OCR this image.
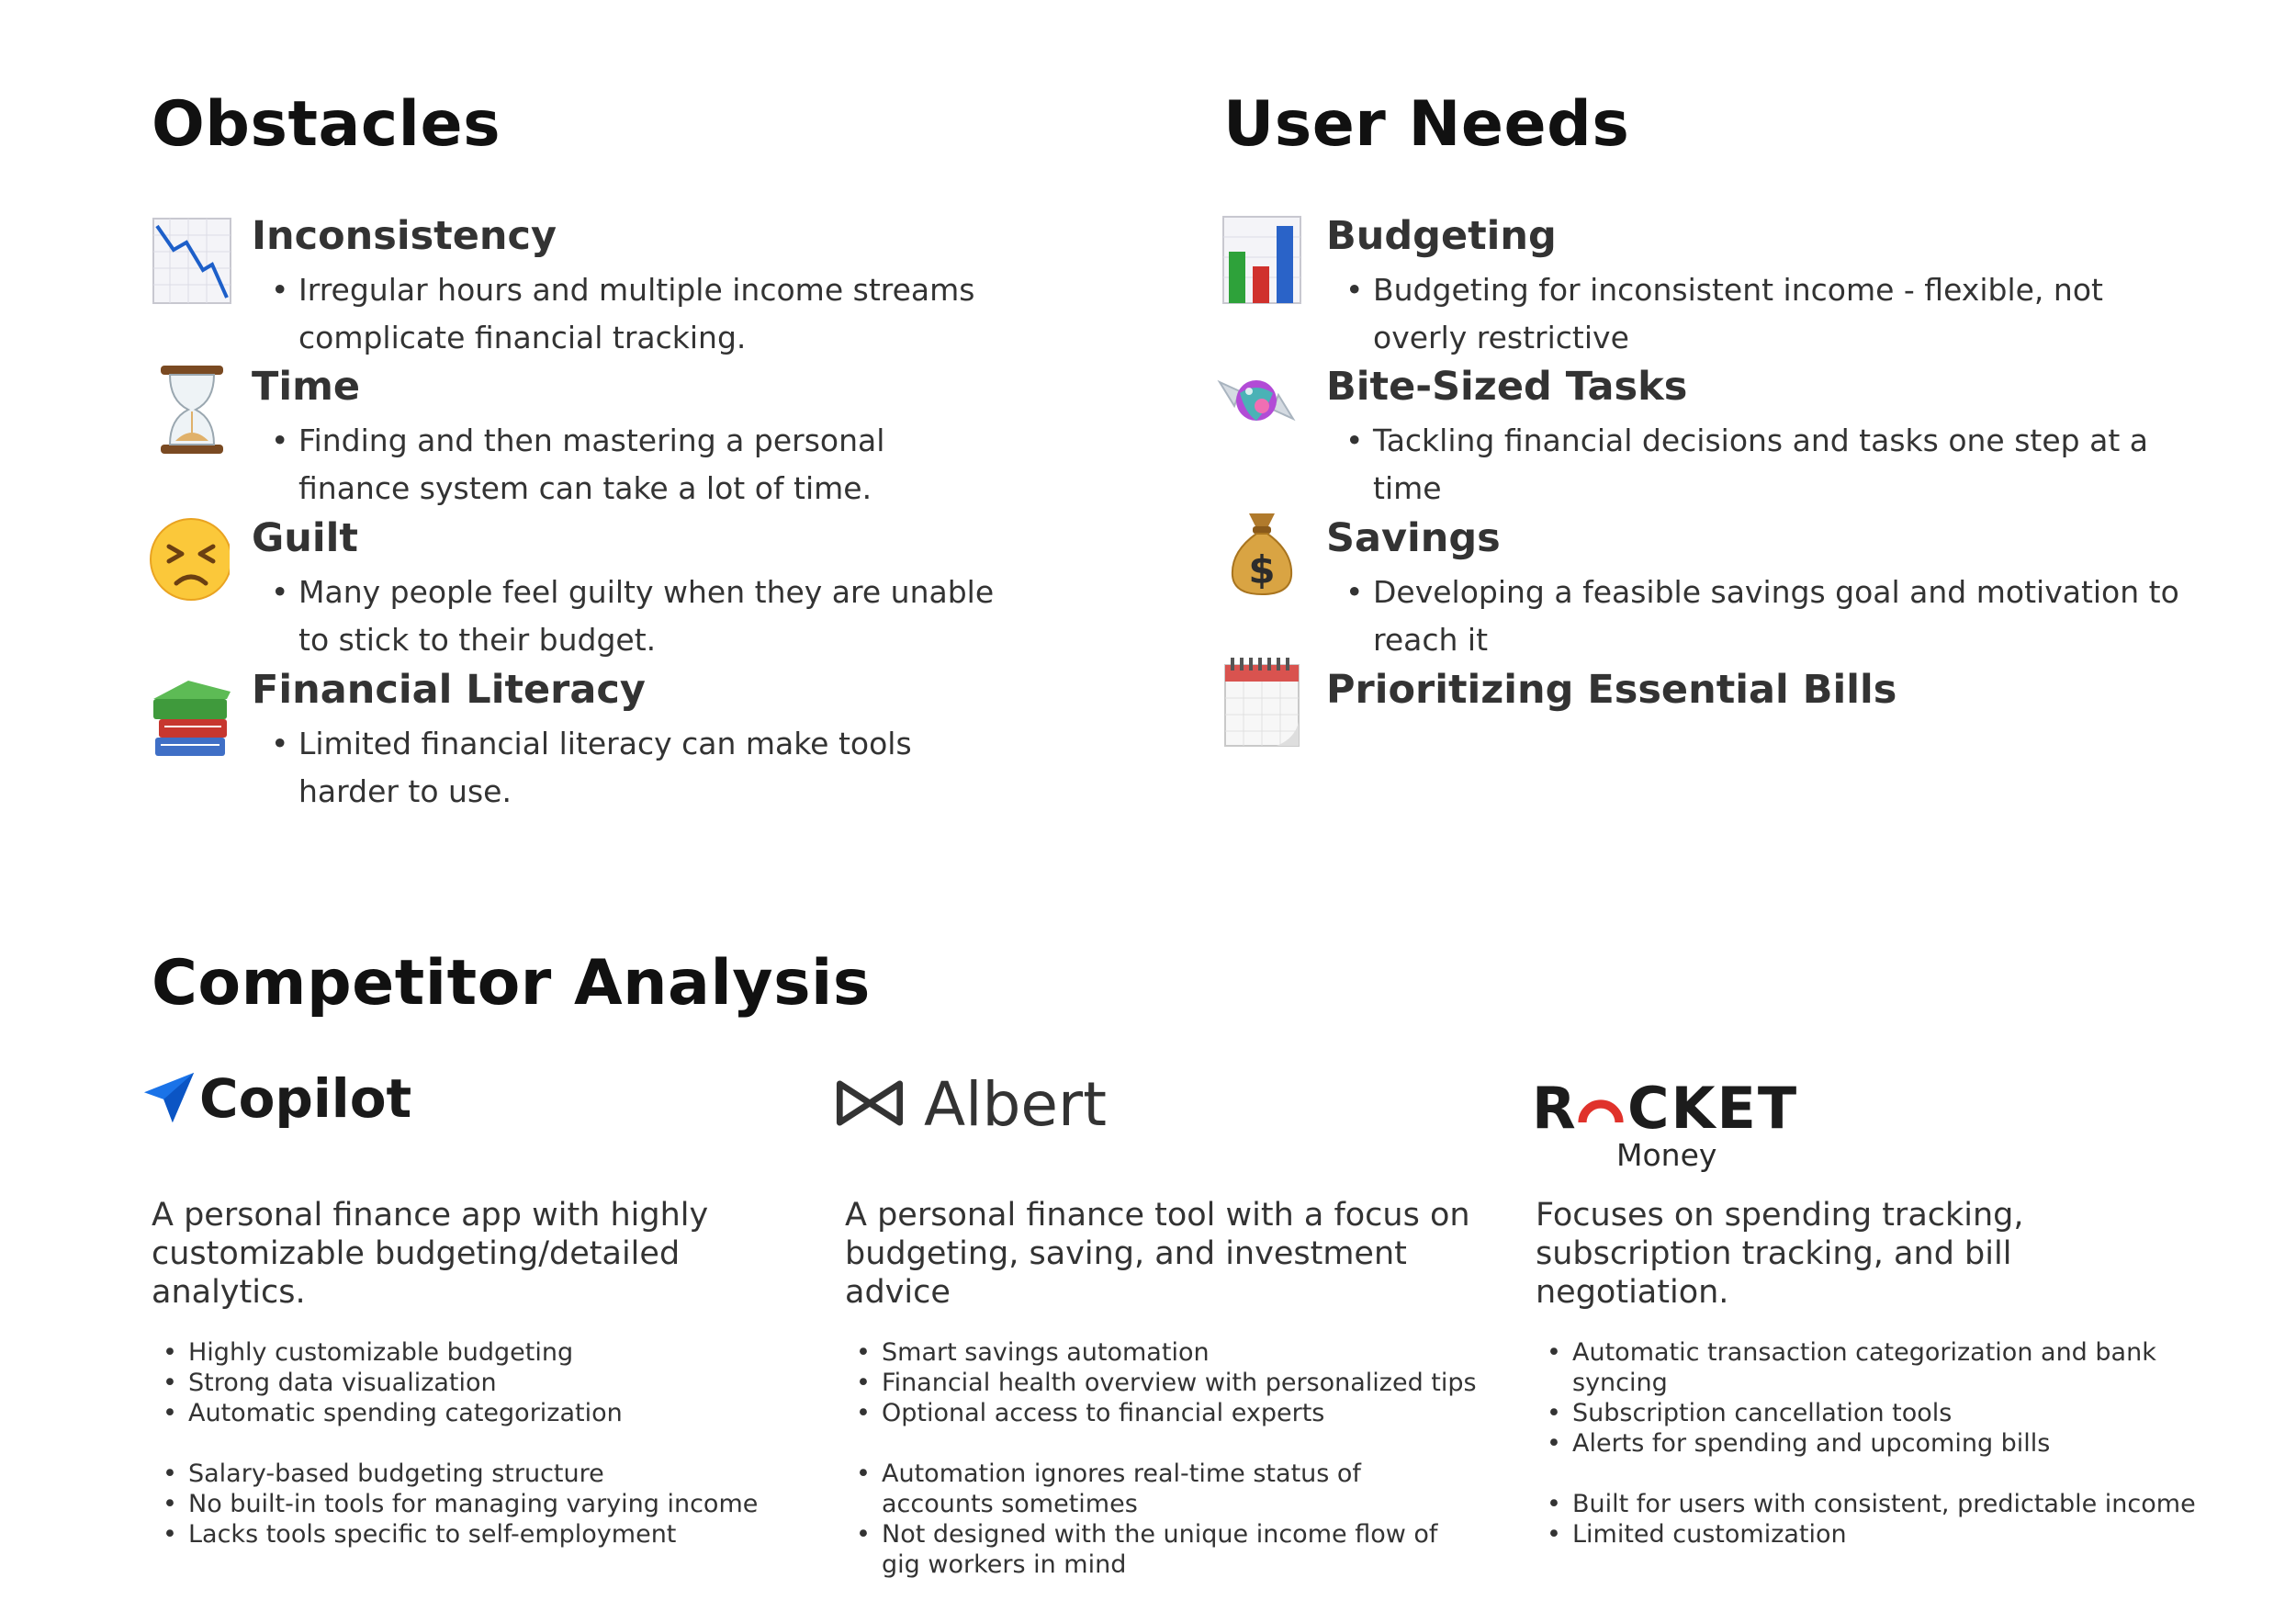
Obstacles
Inconsistency
• Irregular hours and multiple income streams complicate financial tracking.
Time
• Finding and then mastering a personal finance system can take a lot of time.
Guilt
• Many people feel guilty when they are unable to stick to their budget.
Financial Literacy
• Limited financial literacy can make tools harder to use.
User Needs
Budgeting
• Budgeting for inconsistent income - flexible, not overly restrictive
Bite-Sized Tasks
• Tackling financial decisions and tasks one step at a time
$
Savings
• Developing a feasible savings goal and motivation to reach it
Prioritizing Essential Bills
Competitor Analysis
Copilot
A personal finance app with highly customizable budgeting/detailed analytics.
• Highly customizable budgeting
• Strong data visualization
• Automatic spending categorization
• Salary-based budgeting structure
• No built-in tools for managing varying income
• Lacks tools specific to self-employment
Albert
A personal finance tool with a focus on budgeting, saving, and investment advice
• Smart savings automation
• Financial health overview with personalized tips
• Optional access to financial experts
• Automation ignores real-time status of accounts sometimes
• Not designed with the unique income flow of gig workers in mind
R CKET
Money
Focuses on spending tracking, subscription tracking, and bill negotiation.
• Automatic transaction categorization and bank syncing
• Subscription cancellation tools
• Alerts for spending and upcoming bills
• Built for users with consistent, predictable income
• Limited customization
